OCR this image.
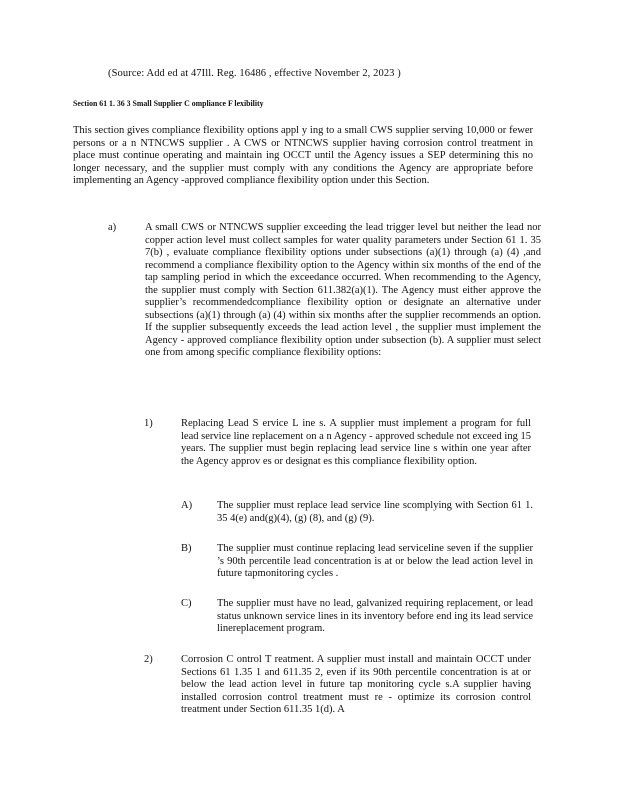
(Source: Add ed at 47Ill. Reg. 16486 , effective November 2, 2023 )
Section 61 1. 36 3 Small Supplier C ompliance F lexibility

This section gives compliance flexibility options appl y ing to a small CWS supplier serving 10,000 or fewer persons or a n NTNCWS supplier . A CWS or NTNCWS supplier having corrosion control treatment in place must continue operating and maintain ing OCCT until the Agency issues a SEP determining this no longer necessary, and the supplier must comply with any conditions the Agency are appropriate before implementing an Agency -approved compliance flexibility option under this Section.

a)	A small CWS or NTNCWS supplier exceeding the lead trigger level but neither the lead nor copper action level must collect samples for water quality parameters under Section 61 1. 35 7(b) , evaluate compliance flexibility options under subsections (a)(1) through (a) (4) ,and recommend a compliance flexibility option to the Agency within six months of the end of the tap sampling period in which the exceedance occurred. When recommending to the Agency, the supplier must comply with Section 611.382(a)(1). The Agency must either approve the supplier’s recommendedcompliance flexibility option or designate an alternative under subsections (a)(1) through (a) (4) within six months after the supplier recommends an option. If the supplier subsequently exceeds the lead action level , the supplier must implement the Agency - approved compliance flexibility option under subsection (b). A supplier must select one from among specific compliance flexibility options:

1)	Replacing Lead S ervice L ine s. A supplier must implement a program for full lead service line replacement on a n Agency - approved schedule not exceed ing 15 years. The supplier must begin replacing lead service line s within one year after the Agency approv es or designat es this compliance flexibility option.

A) The supplier must replace lead service line scomplying with Section 61 1. 35 4(e) and(g)(4), (g) (8), and (g) (9).

B) The supplier must continue replacing lead serviceline seven if the supplier ’s 90th percentile lead concentration is at or below the lead action level in future tapmonitoring cycles .

C) The supplier must have no lead, galvanized requiring replacement, or lead status unknown service lines in its inventory before end ing its lead service linereplacement program.

2)	Corrosion C ontrol T reatment. A supplier must install and maintain OCCT under Sections 61 1.35 1 and 611.35 2, even if its 90th percentile concentration is at or below the lead action level in future tap monitoring cycle s.A supplier having installed corrosion control treatment must re - optimize its corrosion control treatment under Section 611.35 1(d). A
